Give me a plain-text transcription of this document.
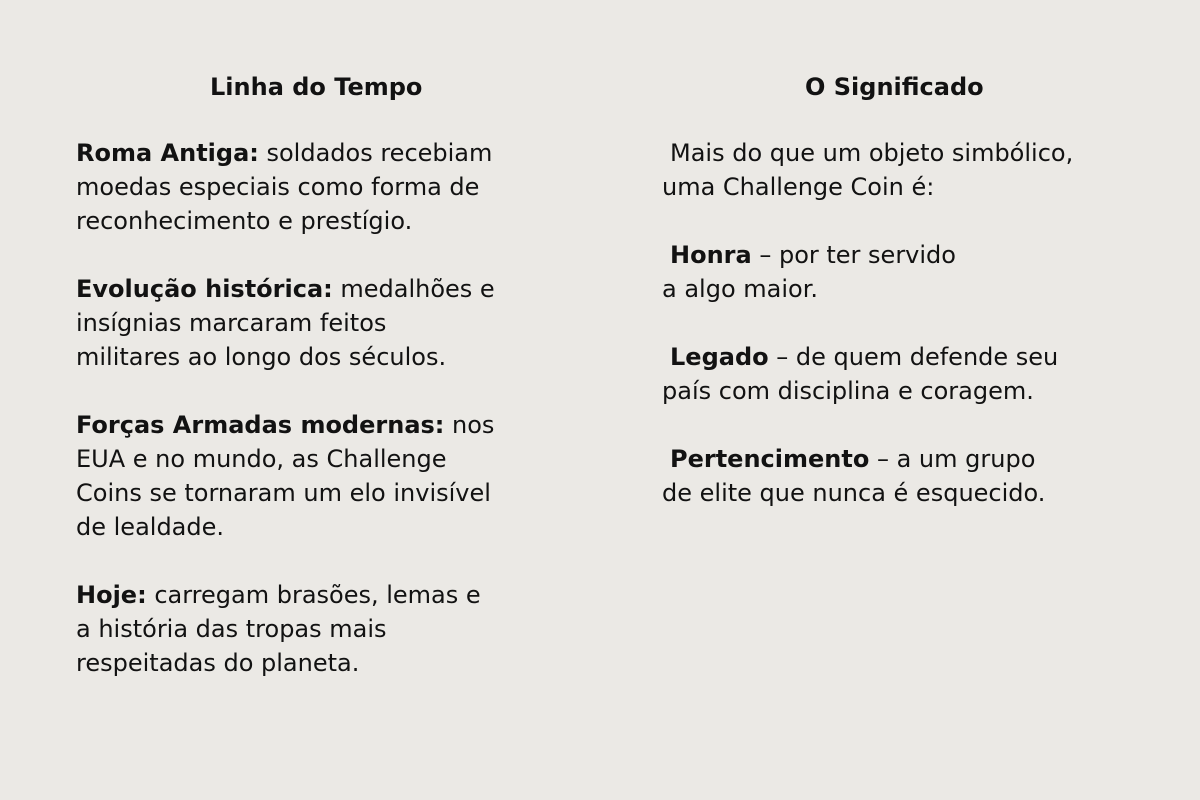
Linha do Tempo
Roma Antiga: soldados recebiam
moedas especiais como forma de
reconhecimento e prestígio.
Evolução histórica: medalhões e
insígnias marcaram feitos
militares ao longo dos séculos.
Forças Armadas modernas: nos
EUA e no mundo, as Challenge
Coins se tornaram um elo invisível
de lealdade.
Hoje: carregam brasões, lemas e
a história das tropas mais
respeitadas do planeta.
O Significado
Mais do que um objeto simbólico,
uma Challenge Coin é:
Honra – por ter servido
a algo maior.
Legado – de quem defende seu
país com disciplina e coragem.
Pertencimento – a um grupo
de elite que nunca é esquecido.
